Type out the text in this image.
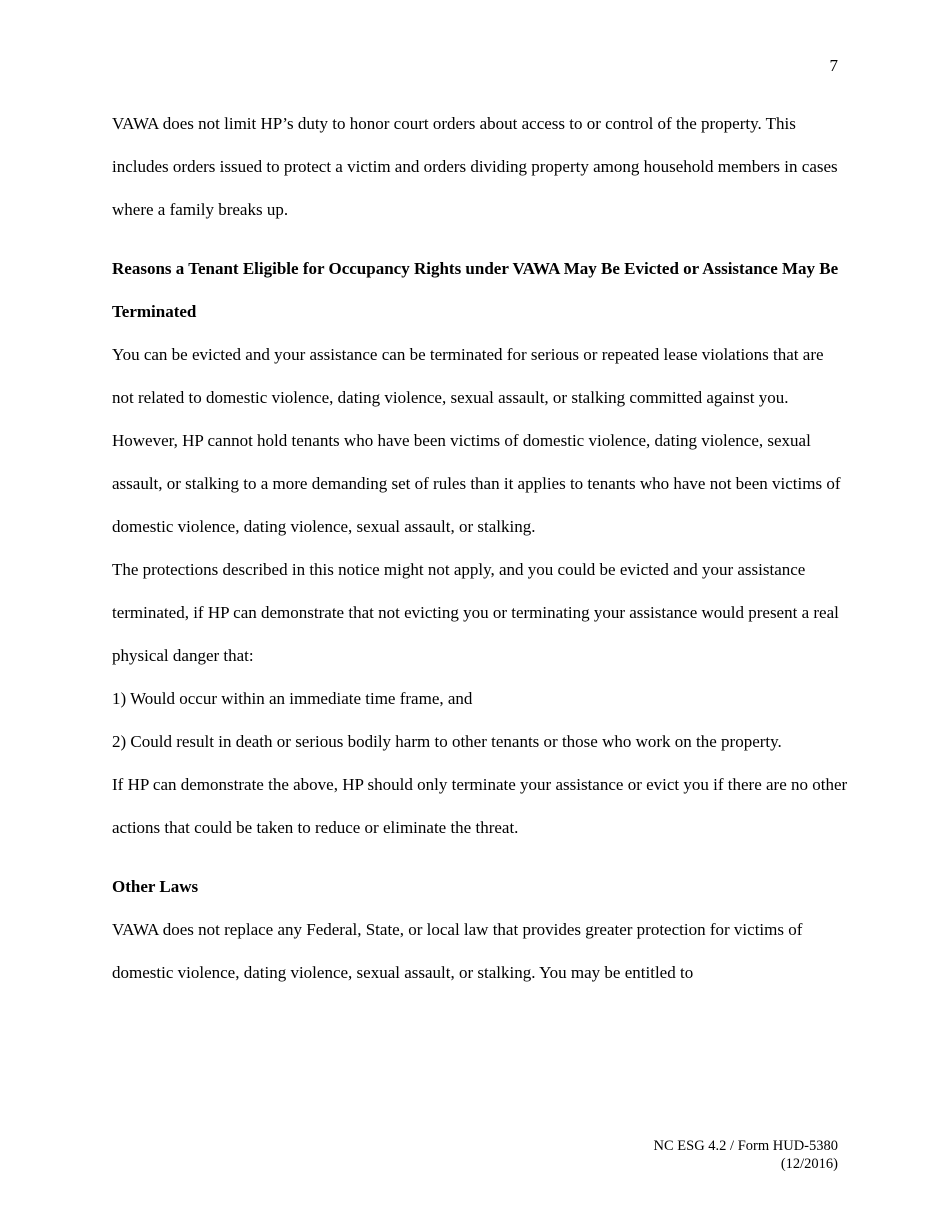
7

VAWA does not limit HP’s duty to honor court orders about access to or control of the property. This includes orders issued to protect a victim and orders dividing property among household members in cases where a family breaks up.

Reasons a Tenant Eligible for Occupancy Rights under VAWA May Be Evicted or Assistance May Be Terminated

You can be evicted and your assistance can be terminated for serious or repeated lease violations that are not related to domestic violence, dating violence, sexual assault, or stalking committed against you. However, HP cannot hold tenants who have been victims of domestic violence, dating violence, sexual assault, or stalking to a more demanding set of rules than it applies to tenants who have not been victims of domestic violence, dating violence, sexual assault, or stalking.

The protections described in this notice might not apply, and you could be evicted and your assistance terminated, if HP can demonstrate that not evicting you or terminating your assistance would present a real physical danger that:

1) Would occur within an immediate time frame, and

2) Could result in death or serious bodily harm to other tenants or those who work on the property.

If HP can demonstrate the above, HP should only terminate your assistance or evict you if there are no other actions that could be taken to reduce or eliminate the threat.

Other Laws

VAWA does not replace any Federal, State, or local law that provides greater protection for victims of domestic violence, dating violence, sexual assault, or stalking. You may be entitled to

NC ESG 4.2 / Form HUD-5380
(12/2016)
